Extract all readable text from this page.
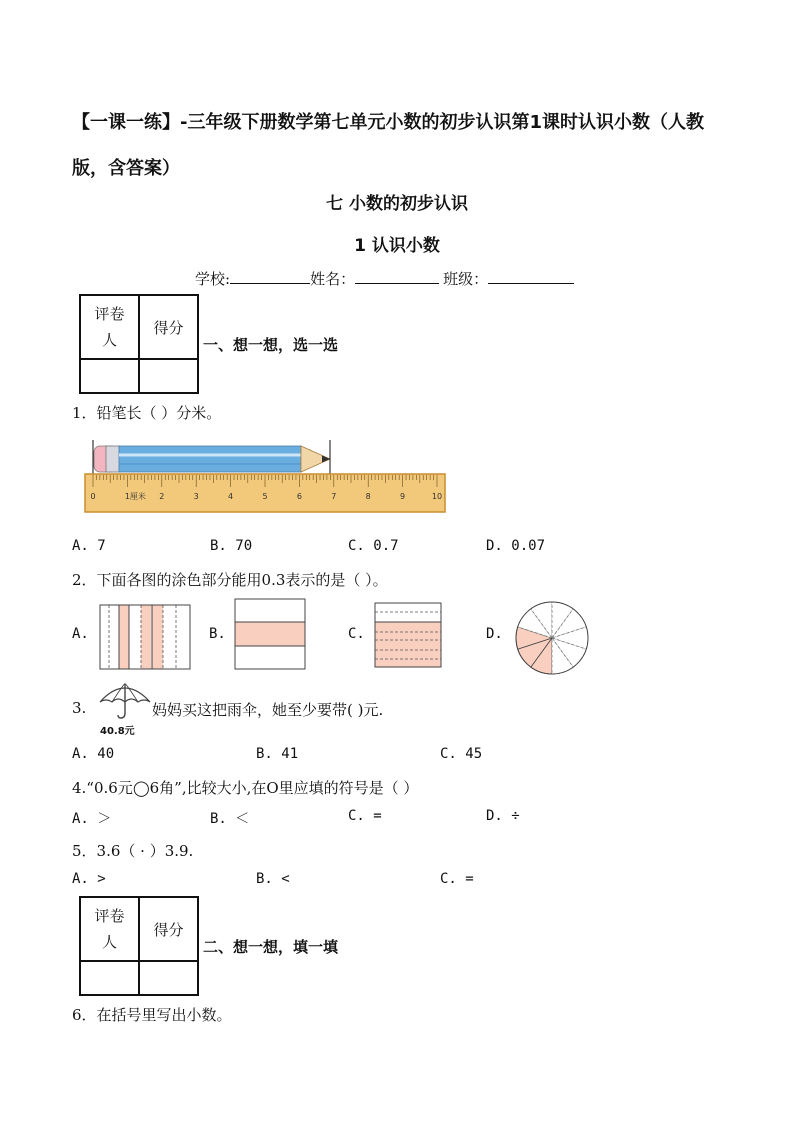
【一课一练】-三年级下册数学第七单元小数的初步认识第1课时认识小数（人教版，含答案）
七 小数的初步认识
1 认识小数
学校:	姓名：	班级：
评卷
人	得分

一、想一想，选一选
1．铅笔长（ ）分米。
0	1厘米 2	3	4	5	6	7	8	9	10
A. 7	B. 70	C. 0.7	D. 0.07
2．下面各图的涂色部分能用0.3表示的是（ ）。
A.	B.	C.	D.
3.
40.8元
妈妈买这把雨伞，她至少要带( )元.
A. 40	B. 41	C. 45
4.“0.6元◯6角”,比较大小,在O里应填的符号是（ ）
A. ＞	B. ＜	C. =	D. ÷
5．3.6（ · ）3.9.
A. >	B. <	C. =
评卷
人	得分

二、想一想，填一填
6．在括号里写出小数。
